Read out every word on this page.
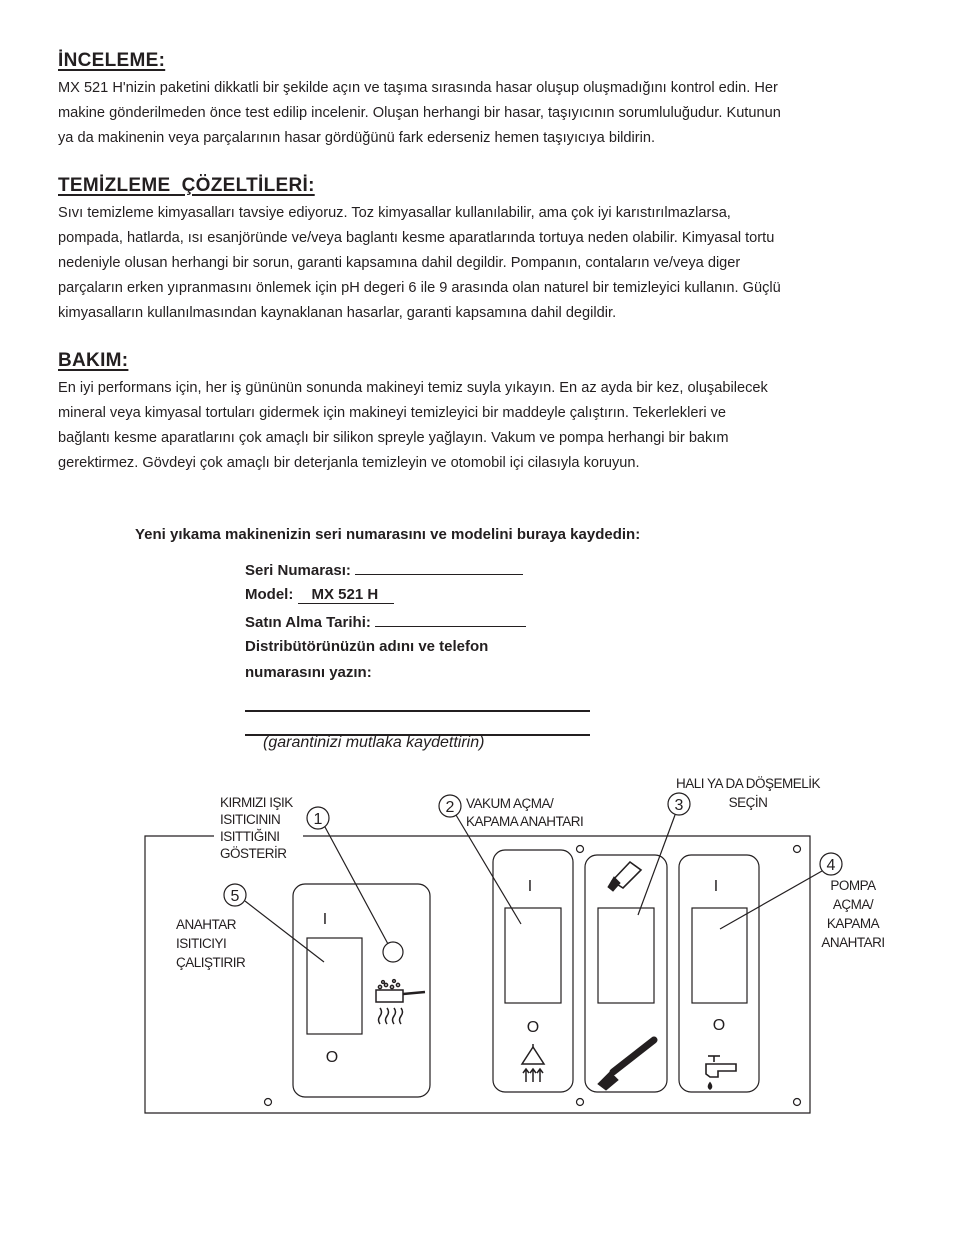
İNCELEME:

MX 521 H'nizin paketini dikkatli bir şekilde açın ve taşıma sırasında hasar oluşup oluşmadığını kontrol edin. Her

makine gönderilmeden önce test edilip incelenir. Oluşan herhangi bir hasar, taşıyıcının sorumluluğudur. Kutunun

ya da makinenin veya parçalarının hasar gördüğünü fark ederseniz hemen taşıyıcıya bildirin.

TEMİZLEME  ÇÖZELTİLERİ:

Sıvı temizleme kimyasalları tavsiye ediyoruz. Toz kimyasallar kullanılabilir, ama çok iyi karıstırılmazlarsa,

pompada, hatlarda, ısı esanjöründe ve/veya baglantı kesme aparatlarında tortuya neden olabilir. Kimyasal tortu

nedeniyle olusan herhangi bir sorun, garanti kapsamına dahil degildir. Pompanın, contaların ve/veya diger

parçaların erken yıpranmasını önlemek için pH degeri 6 ile 9 arasında olan naturel bir temizleyici kullanın. Güçlü

kimyasalların kullanılmasından kaynaklanan hasarlar, garanti kapsamına dahil degildir.

BAKIM:

En iyi performans için, her iş gününün sonunda makineyi temiz suyla yıkayın. En az ayda bir kez, oluşabilecek

mineral veya kimyasal tortuları gidermek için makineyi temizleyici bir maddeyle çalıştırın. Tekerlekleri ve

bağlantı kesme aparatlarını çok amaçlı bir silikon spreyle yağlayın. Vakum ve pompa herhangi bir bakım

gerektirmez. Gövdeyi çok amaçlı bir deterjanla temizleyin ve otomobil içi cilasıyla koruyun.

Yeni yıkama makinenizin seri numarasını ve modelini buraya kaydedin:
Seri Numarası:
Model: MX 521 H
Satın Alma Tarihi:
Distribütörünüzün adını ve telefon
numarasını yazın:
(garantinizi mutlaka kaydettirin)
1
2	3
4
5
KIRMIZI IŞIK
ISITICININ
ISITTIĞINI
GÖSTERİR
VAKUM AÇMA/
KAPAMA ANAHTARI
HALI YA DA DÖŞEMELİK
SEÇİN
POMPA
AÇMA/
KAPAMA
ANAHTARI
ANAHTAR
ISITICIYI
ÇALIŞTIRIR
I
O
I
O
I
O
